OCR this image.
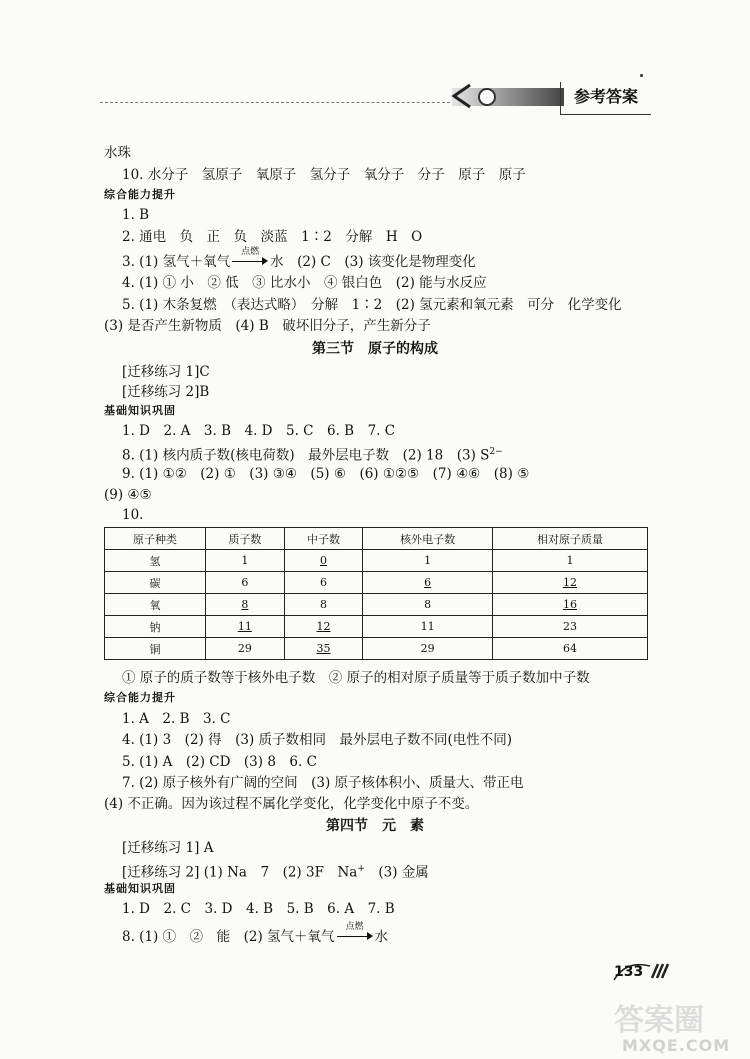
参考答案
水珠
10. 水分子　氢原子　氧原子　氢分子　氧分子　分子　原子　原子
综合能力提升
1. B
2. 通电　负　正　负　淡蓝　1∶2　分解　H　O
3. (1) 氢气＋氧气
点燃
水　(2) C　(3) 该变化是物理变化
4. (1) ① 小　② 低　③ 比水小　④ 银白色　(2) 能与水反应
5. (1) 木条复燃　（表达式略）　分解　1∶2　(2) 氢元素和氧元素　可分　化学变化
(3) 是否产生新物质　(4) B　破坏旧分子，产生新分子
第三节　原子的构成
[迁移练习 1]C
[迁移练习 2]B
基础知识巩固
1. D　2. A　3. B　4. D　5. C　6. B　7. C
8. (1) 核内质子数(核电荷数)　最外层电子数　(2) 18　(3) $S^{2-}$
9. (1) ①②　(2) ①　(3) ③④　(5) ⑥　(6) ①②⑤　(7) ④⑥　(8) ⑤
(9) ④⑤
10.
原子种类	质子数	中子数	核外电子数	相对原子质量
氢	1	0	1	1
碳	6	6	6	12
氧	8	8	8	16
钠	11	12	11	23
铜	29	35	29	64
① 原子的质子数等于核外电子数　② 原子的相对原子质量等于质子数加中子数
综合能力提升
1. A　2. B　3. C
4. (1) 3　(2) 得　(3) 质子数相同　最外层电子数不同(电性不同)
5. (1) A　(2) CD　(3) 8　6. C
7. (2) 原子核外有广阔的空间　(3) 原子核体积小、质量大、带正电
(4) 不正确。因为该过程不属化学变化，化学变化中原子不变。
第四节　元　素
[迁移练习 1] A
[迁移练习 2] (1) Na　7　(2) 3F　Na+　(3) 金属
基础知识巩固
1. D　2. C　3. D　4. B　5. B　6. A　7. B
8. (1) ①　②　能　(2) 氢气＋氧气
点燃
水
133
答案圈
MXQE.COM
